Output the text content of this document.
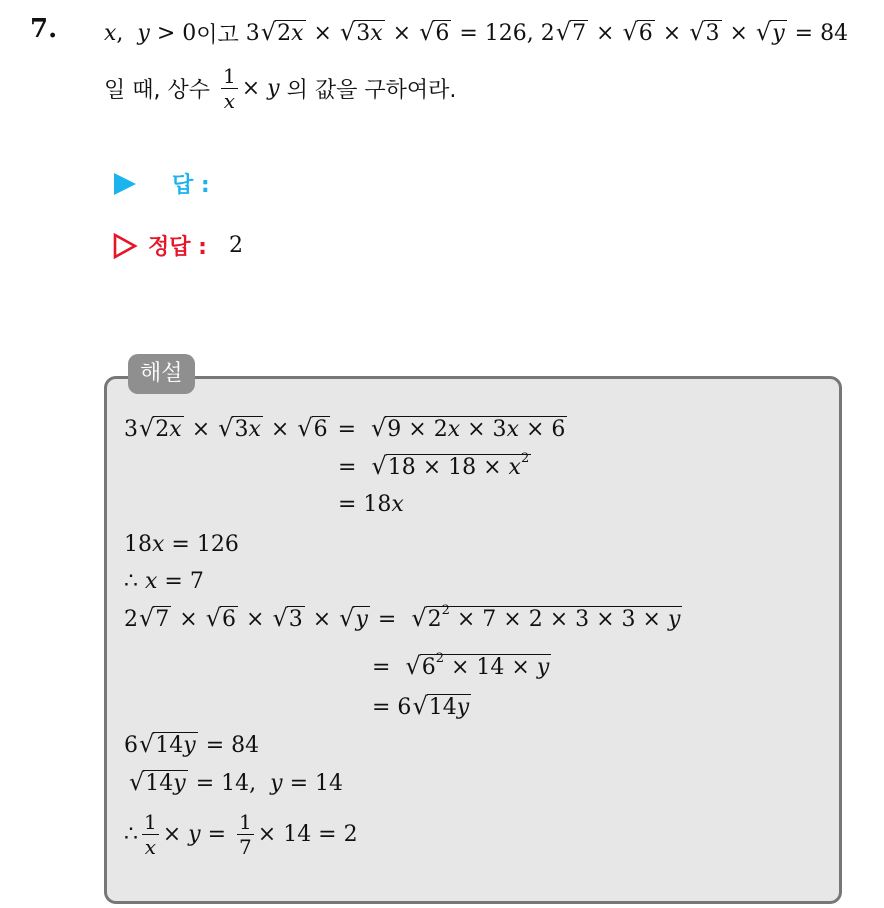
7. x , y > 0 이고 3 √ 2x × √ 3x × √ 6 = 126, 2 √ 7 × √ 6 × √ 3 × √ y = 84
일 때, 상수
$\frac{1}{x} \times y$
의 값을 구하여라.
답 :
정답 : 2
해설
3 √ 2x × √ 3x × √ 6 = √ 9 × 2x × 3x × 6
= √ $18 \times 18 \times x^2$
= 18 x
18 x = 126
∴ x = 7
2 √ 7 × √ 6 × √ 3 × √ y = √ $2^2 \times 7 \times 2 \times 3 \times 3 \times y$
= √ $6^2 \times 14 \times y$
= 6 √ 14y
6 √ 14y = 84
√ 14y = 14, y = 14
∴ $\frac{1}{x} \times y = \frac{1}{7} \times 14 = 2$
